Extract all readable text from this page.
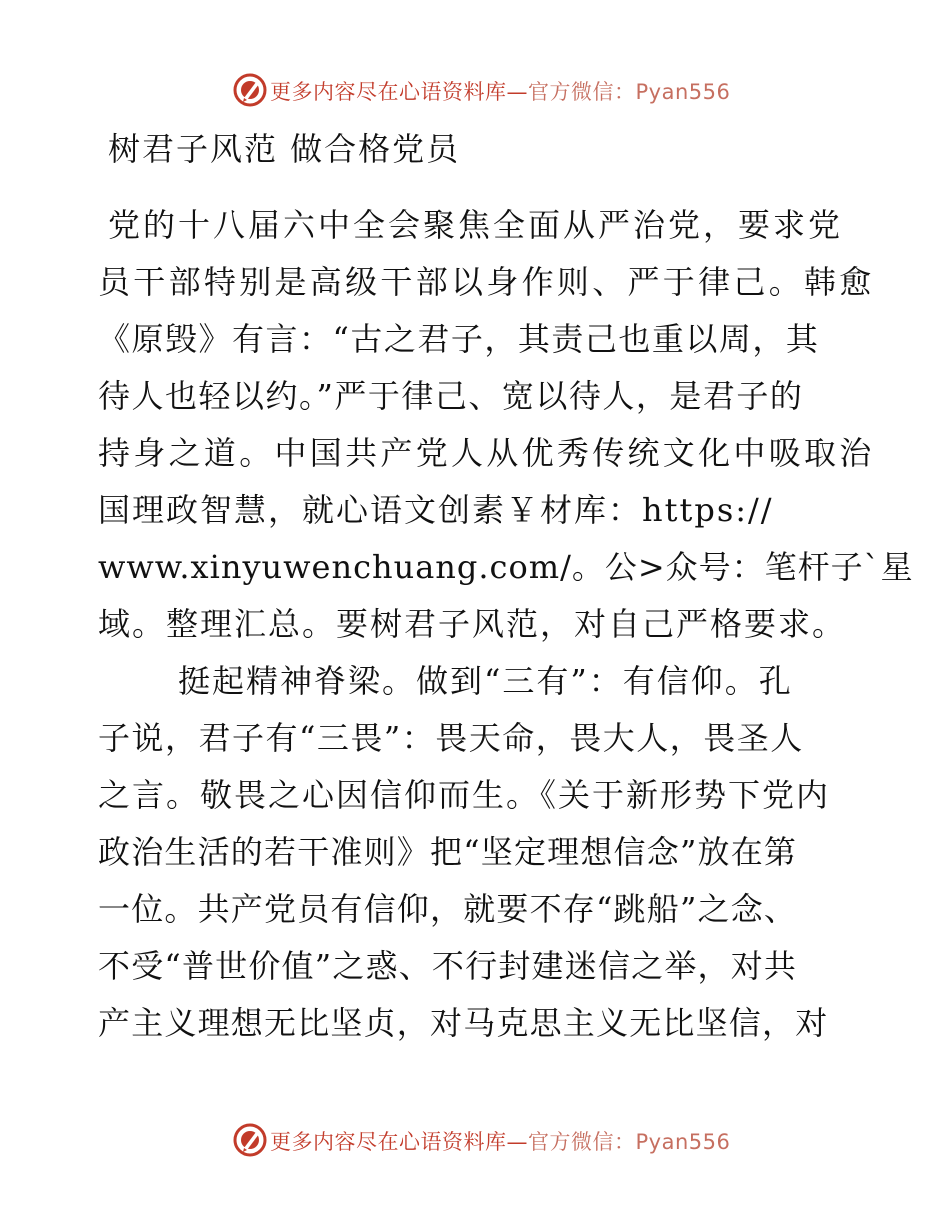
更多内容尽在心语资料库—官方微信：Pyan556
树君子风范 做合格党员
党的十八届六中全会聚焦全面从严治党，要求党
员干部特别是高级干部以身作则、严于律己。韩愈
《原毁》有言：“古之君子，其责己也重以周，其
待人也轻以约。”严于律己、宽以待人，是君子的
持身之道。中国共产党人从优秀传统文化中吸取治
国理政智慧，就心语文创素￥材库：https://
www.xinyuwenchuang.com/。公>众号：笔杆子`星
域。整理汇总。要树君子风范，对自己严格要求。
挺起精神脊梁。做到“三有”：有信仰。孔
子说，君子有“三畏”：畏天命，畏大人，畏圣人
之言。敬畏之心因信仰而生。《关于新形势下党内
政治生活的若干准则》把“坚定理想信念”放在第
一位。共产党员有信仰，就要不存“跳船”之念、
不受“普世价值”之惑、不行封建迷信之举，对共
产主义理想无比坚贞，对马克思主义无比坚信，对
更多内容尽在心语资料库—官方微信：Pyan556
